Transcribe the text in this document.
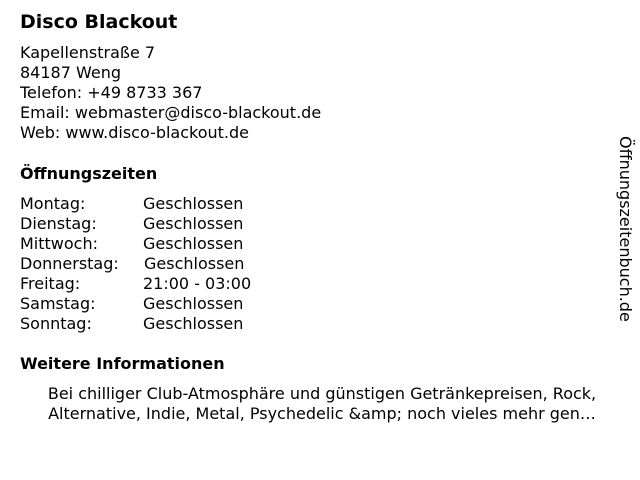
Disco Blackout
Kapellenstraße 7
84187 Weng
Telefon: +49 8733 367
Email: webmaster@disco-blackout.de
Web: www.disco-blackout.de
Öffnungszeiten
Montag:	Geschlossen
Dienstag:	Geschlossen
Mittwoch:	Geschlossen
Donnerstag: Geschlossen
Freitag:	21:00 - 03:00
Samstag:	Geschlossen
Sonntag:	Geschlossen
Weitere Informationen
Bei chilliger Club-Atmosphäre und günstigen Getränkepreisen, Rock,
Alternative, Indie, Metal, Psychedelic &amp; noch vieles mehr gen…
Öffnungszeitenbuch.de
